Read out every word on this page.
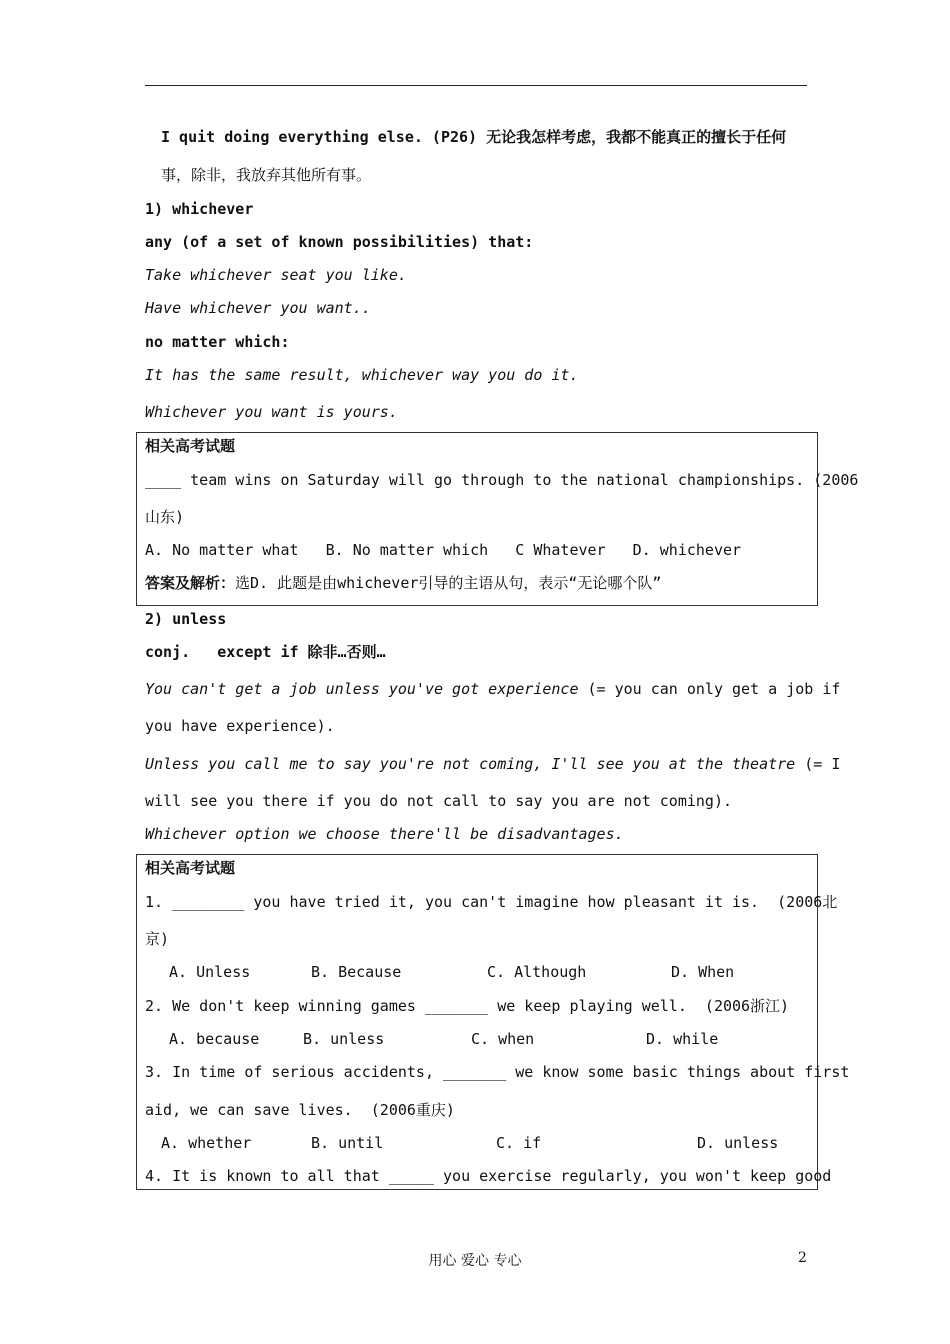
I quit doing everything else. (P26) 无论我怎样考虑，我都不能真正的擅长于任何
事，除非，我放弃其他所有事。
1) whichever
any (of a set of known possibilities) that:
Take whichever seat you like.
Have whichever you want..
no matter which:
It has the same result, whichever way you do it.
Whichever you want is yours.
相关高考试题
____ team wins on Saturday will go through to the national championships. (2006
山东)
A. No matter what   B. No matter which   C Whatever   D. whichever
答案及解析：选D. 此题是由whichever引导的主语从句，表示“无论哪个队”
2) unless
conj.   except if 除非…否则…
You can't get a job unless you've got experience (= you can only get a job if
you have experience).
Unless you call me to say you're not coming, I'll see you at the theatre (= I
will see you there if you do not call to say you are not coming).
Whichever option we choose there'll be disadvantages.
相关高考试题
1. ________ you have tried it, you can't imagine how pleasant it is.  (2006北
京)
A. Unless	B. Because	C. Although	D. When
2. We don't keep winning games _______ we keep playing well.  (2006浙江)
A. because	B. unless	C. when	D. while
3. In time of serious accidents, _______ we know some basic things about first
aid, we can save lives.  (2006重庆)
A. whether	B. until	C. if	D. unless
4. It is known to all that _____ you exercise regularly, you won't keep good
用心 爱心 专心	2
